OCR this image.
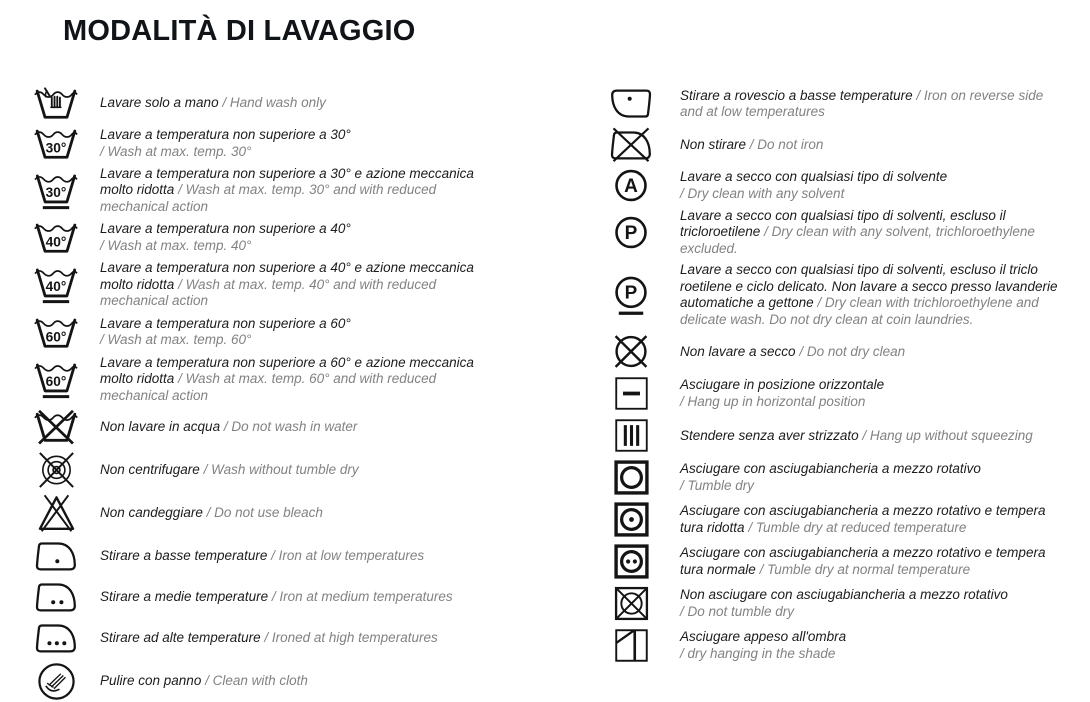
MODALITÀ DI LAVAGGIO

Lavare solo a mano / Hand wash only

30°

Lavare a temperatura non superiore a 30°
/ Wash at max. temp. 30°

30°

Lavare a temperatura non superiore a 30° e azione meccanica molto ridotta / Wash at max. temp. 30° and with reduced mechanical action

40°

Lavare a temperatura non superiore a 40°
/ Wash at max. temp. 40°

40°

Lavare a temperatura non superiore a 40° e azione meccanica molto ridotta / Wash at max. temp. 40° and with reduced mechanical action

60°

Lavare a temperatura non superiore a 60°
/ Wash at max. temp. 60°

60°

Lavare a temperatura non superiore a 60° e azione meccanica molto ridotta / Wash at max. temp. 60° and with reduced mechanical action

Non lavare in acqua / Do not wash in water

Non centrifugare / Wash without tumble dry

Non candeggiare / Do not use bleach

Stirare a basse temperature / Iron at low temperatures

Stirare a medie temperature / Iron at medium temperatures

Stirare ad alte temperature / Ironed at high temperatures

Pulire con panno / Clean with cloth

Stirare a rovescio a basse temperature / Iron on reverse side and at low temperatures

Non stirare / Do not iron

A	Lavare a secco con qualsiasi tipo di solvente
/ Dry clean with any solvent

P

Lavare a secco con qualsiasi tipo di solventi, escluso il tricloroetilene / Dry clean with any solvent, trichloroethylene excluded.

P

Lavare a secco con qualsiasi tipo di solventi, escluso il triclo roetilene e ciclo delicato. Non lavare a secco presso lavanderie automatiche a gettone / Dry clean with trichloroethylene and delicate wash. Do not dry clean at coin laundries.

Non lavare a secco / Do not dry clean

Asciugare in posizione orizzontale
/ Hang up in horizontal position

Stendere senza aver strizzato / Hang up without squeezing

Asciugare con asciugabiancheria a mezzo rotativo
/ Tumble dry

Asciugare con asciugabiancheria a mezzo rotativo e tempera tura ridotta / Tumble dry at reduced temperature

Asciugare con asciugabiancheria a mezzo rotativo e tempera tura normale / Tumble dry at normal temperature

Non asciugare con asciugabiancheria a mezzo rotativo
/ Do not tumble dry

Asciugare appeso all'ombra
/ dry hanging in the shade
